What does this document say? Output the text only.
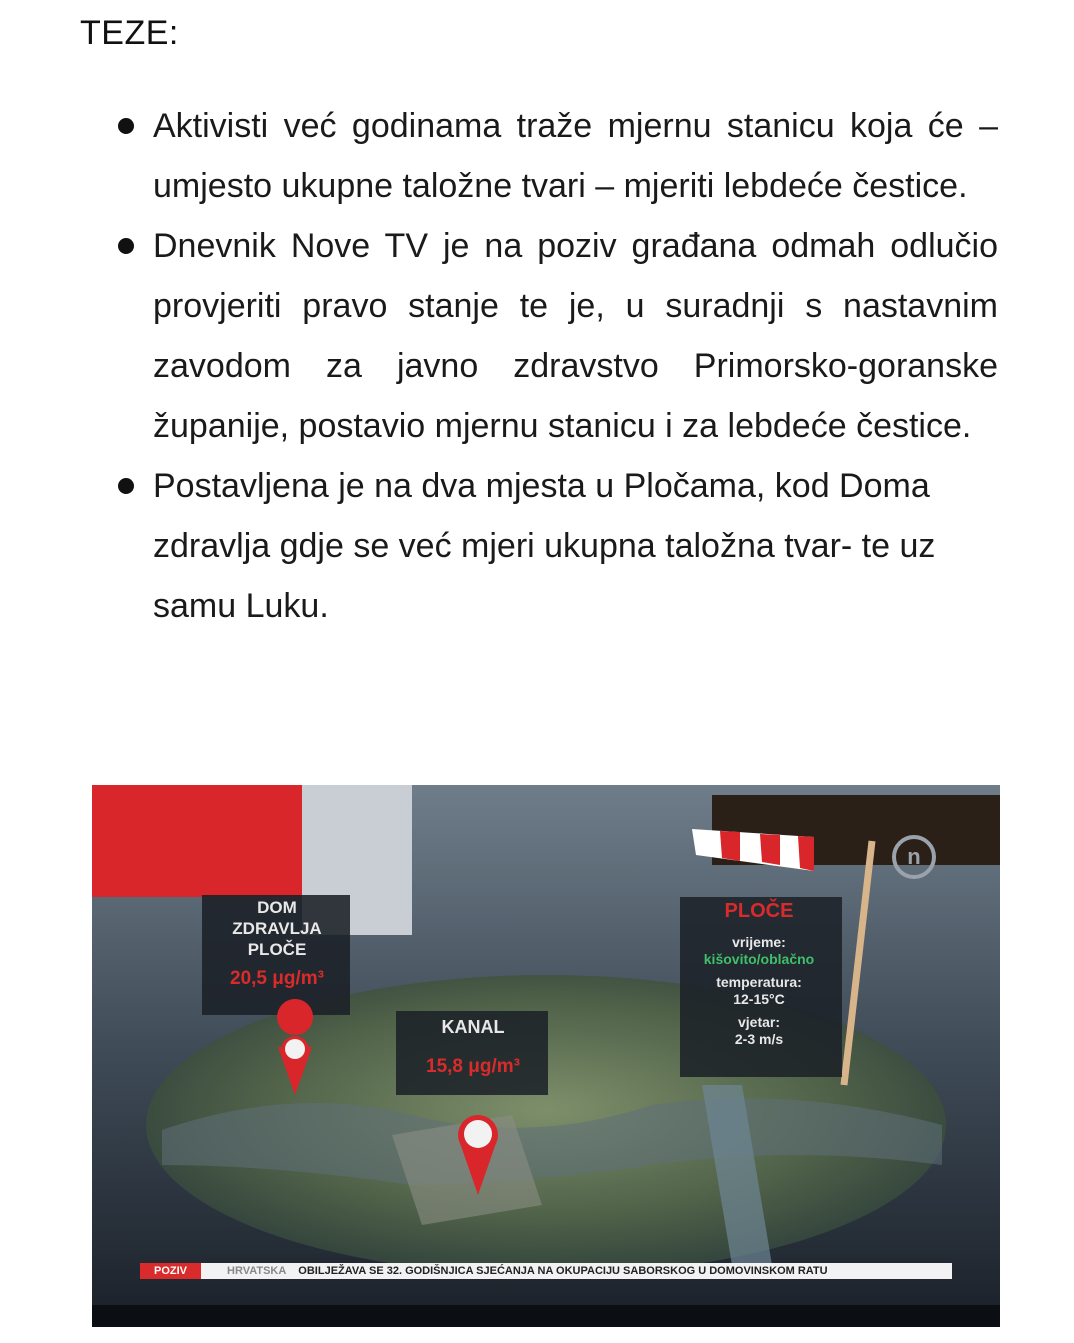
TEZE:
Aktivisti već godinama traže mjernu stanicu koja će – umjesto ukupne taložne tvari – mjeriti lebdeće čestice.
Dnevnik Nove TV je na poziv građana odmah odlučio provjeriti pravo stanje te je, u suradnji s nastavnim zavodom za javno zdravstvo Primorsko-goranske županije, postavio mjernu stanicu i za lebdeće čestice.
Postavljena je na dva mjesta u Pločama, kod Doma zdravlja gdje se već mjeri ukupna taložna tvar- te uz samu Luku.
DOM
ZDRAVLJA
PLOČE
20,5 μg/m³
KANAL
15,8 μg/m³
PLOČE
vrijeme:
kišovito/oblačno
temperatura:
12-15°C
vjetar:
2-3 m/s
n
POZIV	HRVATSKA	OBILJEŽAVA SE 32. GODIŠNJICA SJEĆANJA NA OKUPACIJU SABORSKOG U DOMOVINSKOM RATU
